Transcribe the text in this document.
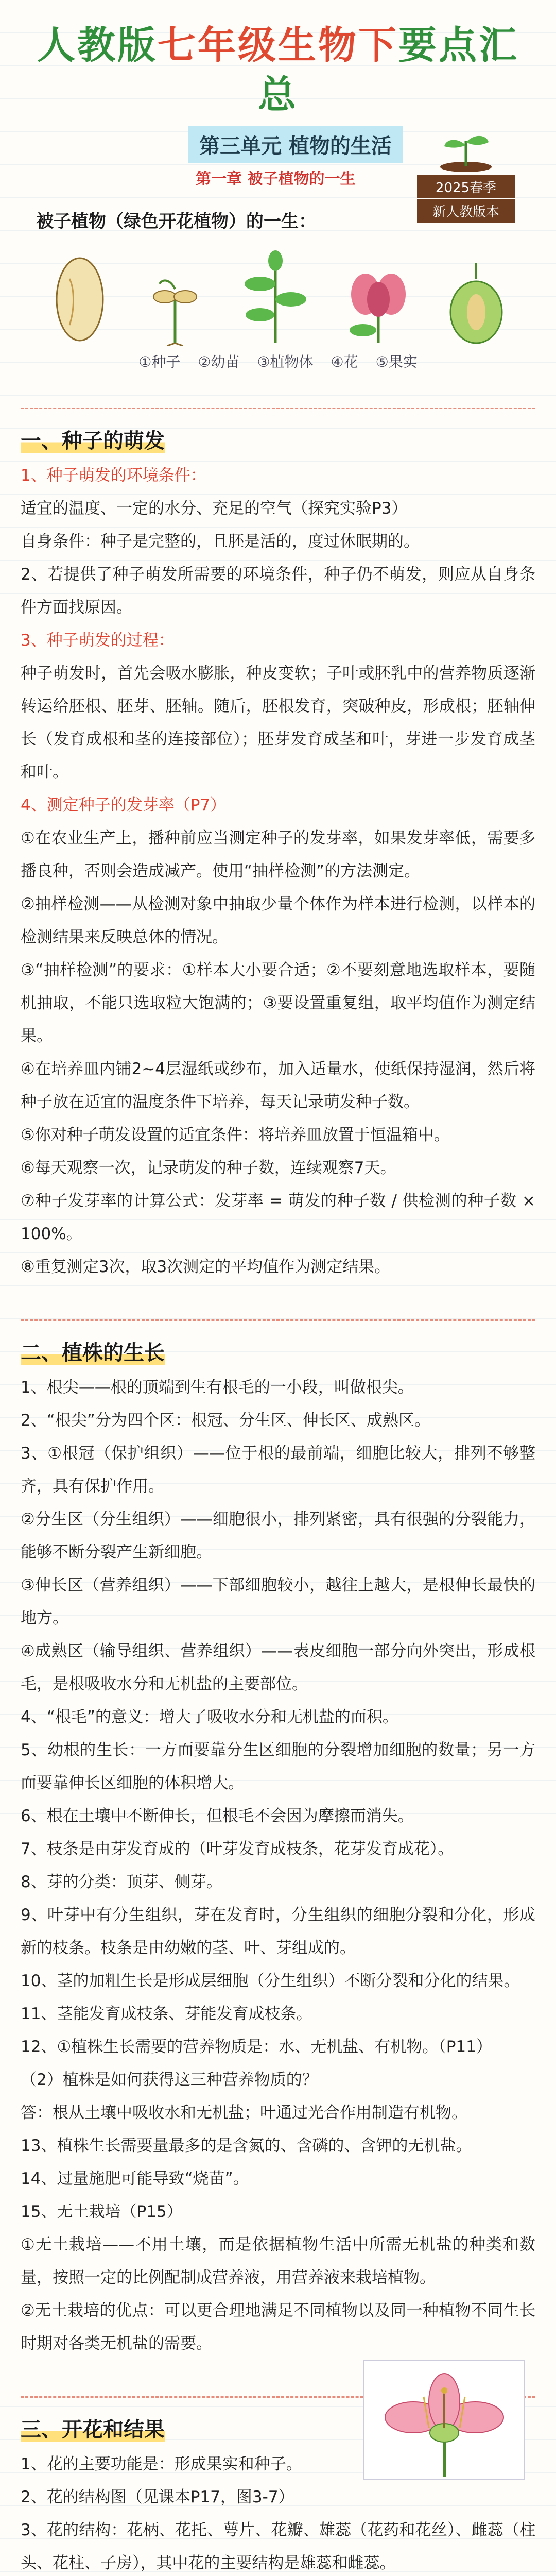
人教版七年级生物下要点汇总
第三单元 植物的生活
第一章 被子植物的一生	2025春季
新人教版本
被子植物（绿色开花植物）的一生：
①种子 ②幼苗 ③植物体 ④花 ⑤果实
一、种子的萌发

1、种子萌发的环境条件：

适宜的温度、一定的水分、充足的空气（探究实验P3）

自身条件：种子是完整的，且胚是活的，度过休眠期的。

2、若提供了种子萌发所需要的环境条件，种子仍不萌发，则应从自身条件方面找原因。

3、种子萌发的过程：

种子萌发时，首先会吸水膨胀，种皮变软；子叶或胚乳中的营养物质逐渐转运给胚根、胚芽、胚轴。随后，胚根发育，突破种皮，形成根；胚轴伸长（发育成根和茎的连接部位）；胚芽发育成茎和叶，芽进一步发育成茎和叶。

4、测定种子的发芽率（P7）

①在农业生产上，播种前应当测定种子的发芽率，如果发芽率低，需要多播良种，否则会造成减产。使用“抽样检测”的方法测定。

②抽样检测——从检测对象中抽取少量个体作为样本进行检测，以样本的检测结果来反映总体的情况。

③“抽样检测”的要求：①样本大小要合适；②不要刻意地选取样本，要随机抽取，不能只选取粒大饱满的；③要设置重复组，取平均值作为测定结果。

④在培养皿内铺2~4层湿纸或纱布，加入适量水，使纸保持湿润，然后将种子放在适宜的温度条件下培养，每天记录萌发种子数。

⑤你对种子萌发设置的适宜条件：将培养皿放置于恒温箱中。

⑥每天观察一次，记录萌发的种子数，连续观察7天。

⑦种子发芽率的计算公式：发芽率 = 萌发的种子数 / 供检测的种子数 × 100%。

⑧重复测定3次，取3次测定的平均值作为测定结果。

二、植株的生长

1、根尖——根的顶端到生有根毛的一小段，叫做根尖。

2、“根尖”分为四个区：根冠、分生区、伸长区、成熟区。

3、①根冠（保护组织）——位于根的最前端，细胞比较大，排列不够整齐，具有保护作用。

②分生区（分生组织）——细胞很小，排列紧密，具有很强的分裂能力，能够不断分裂产生新细胞。

③伸长区（营养组织）——下部细胞较小，越往上越大，是根伸长最快的地方。

④成熟区（输导组织、营养组织）——表皮细胞一部分向外突出，形成根毛，是根吸收水分和无机盐的主要部位。

4、“根毛”的意义：增大了吸收水分和无机盐的面积。

5、幼根的生长：一方面要靠分生区细胞的分裂增加细胞的数量；另一方面要靠伸长区细胞的体积增大。

6、根在土壤中不断伸长，但根毛不会因为摩擦而消失。

7、枝条是由芽发育成的（叶芽发育成枝条，花芽发育成花）。

8、芽的分类：顶芽、侧芽。

9、叶芽中有分生组织，芽在发育时，分生组织的细胞分裂和分化，形成新的枝条。枝条是由幼嫩的茎、叶、芽组成的。

10、茎的加粗生长是形成层细胞（分生组织）不断分裂和分化的结果。

11、茎能发育成枝条、芽能发育成枝条。

12、①植株生长需要的营养物质是：水、无机盐、有机物。（P11）

（2）植株是如何获得这三种营养物质的？

答：根从土壤中吸收水和无机盐；叶通过光合作用制造有机物。

13、植株生长需要量最多的是含氮的、含磷的、含钾的无机盐。

14、过量施肥可能导致“烧苗”。

15、无土栽培（P15）

①无土栽培——不用土壤，而是依据植物生活中所需无机盐的种类和数量，按照一定的比例配制成营养液，用营养液来栽培植物。

②无土栽培的优点：可以更合理地满足不同植物以及同一种植物不同生长时期对各类无机盐的需要。

三、开花和结果

1、花的主要功能是：形成果实和种子。

2、花的结构图（见课本P17，图3-7）

3、花的结构：花柄、花托、萼片、花瓣、雄蕊（花药和花丝）、雌蕊（柱头、花柱、子房），其中花的主要结构是雄蕊和雌蕊。
